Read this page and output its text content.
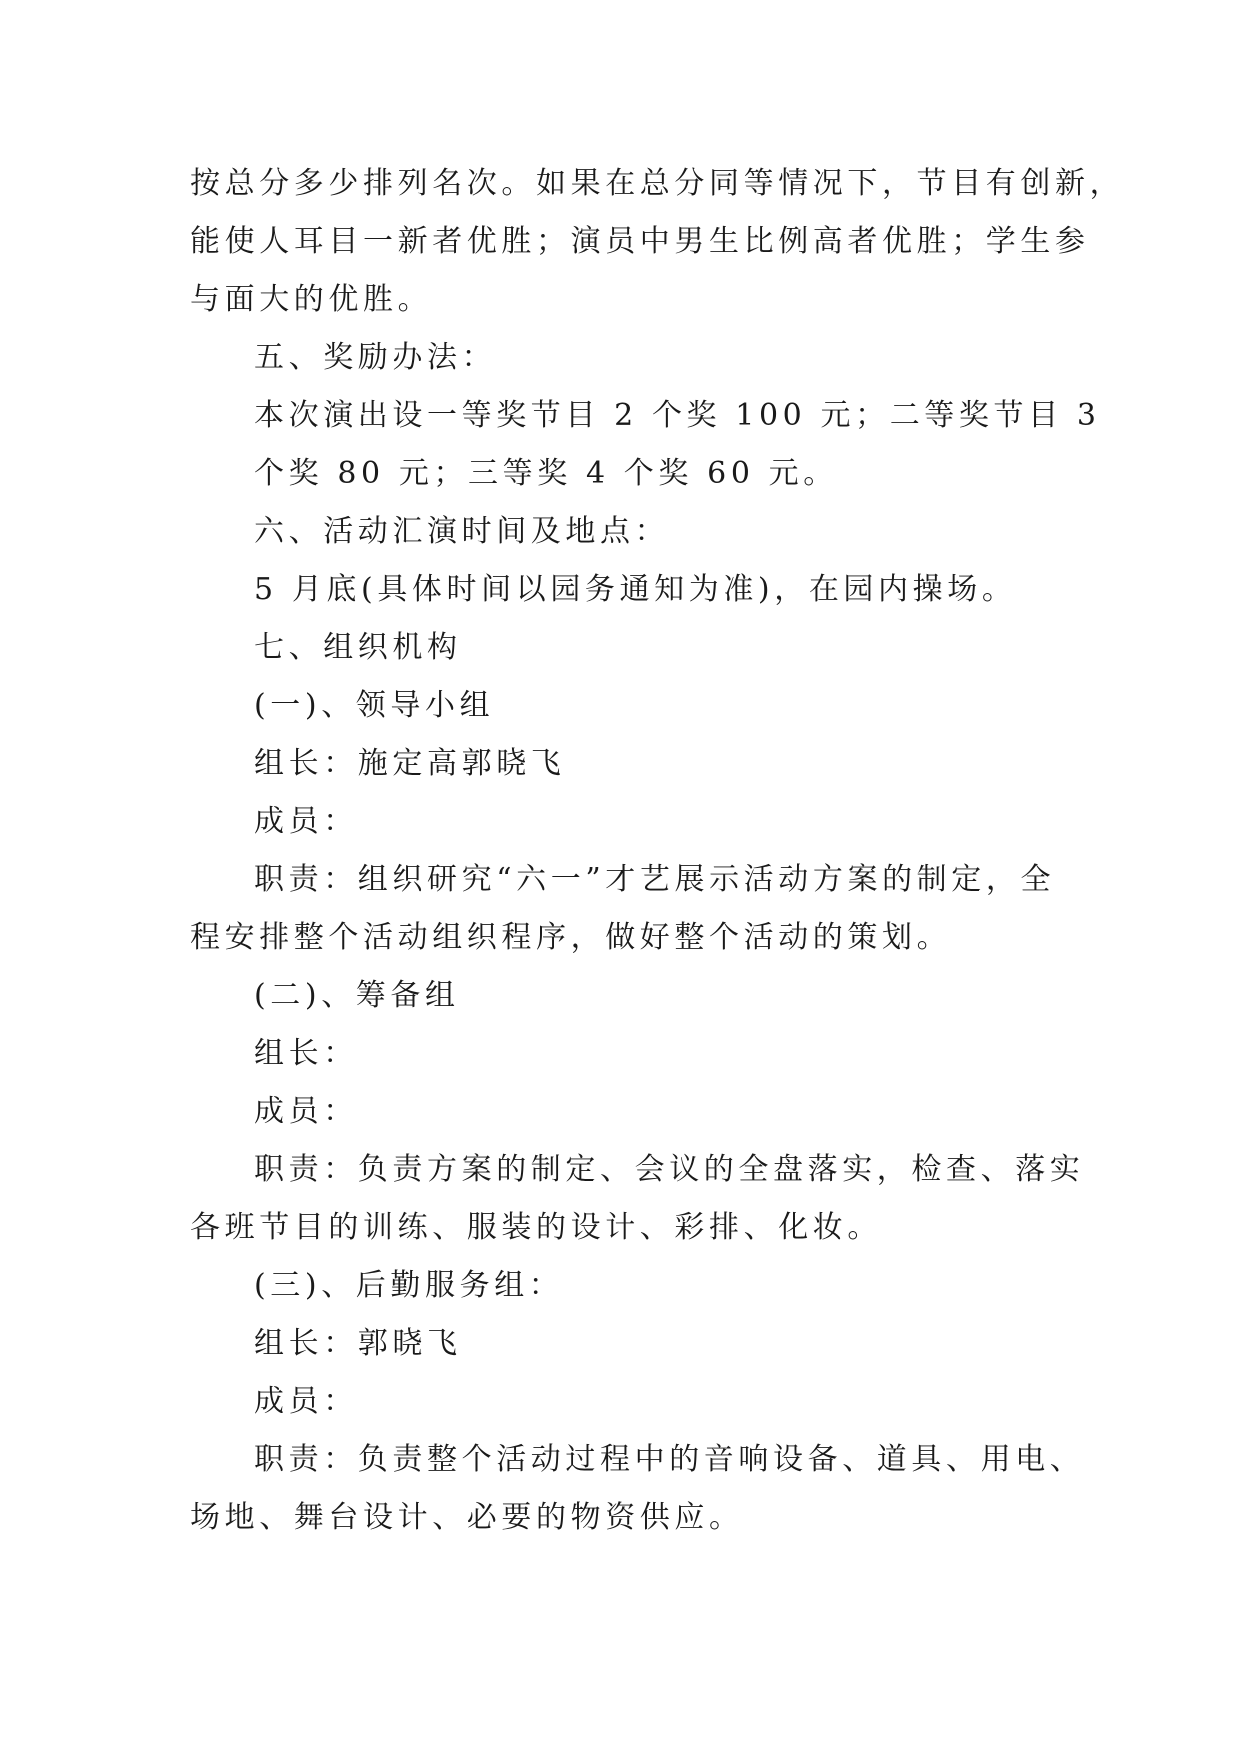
按总分多少排列名次。如果在总分同等情况下，节目有创新，
能使人耳目一新者优胜；演员中男生比例高者优胜；学生参
与面大的优胜。
五、奖励办法：
本次演出设一等奖节目 2 个奖 100 元；二等奖节目 3
个奖 80 元；三等奖 4 个奖 60 元。
六、活动汇演时间及地点：
5 月底(具体时间以园务通知为准)，在园内操场。
七、组织机构
(一)、领导小组
组长：施定高郭晓飞
成员：
职责：组织研究“六一”才艺展示活动方案的制定，全
程安排整个活动组织程序，做好整个活动的策划。
(二)、筹备组
组长：
成员：
职责：负责方案的制定、会议的全盘落实，检查、落实
各班节目的训练、服装的设计、彩排、化妆。
(三)、后勤服务组：
组长：郭晓飞
成员：
职责：负责整个活动过程中的音响设备、道具、用电、
场地、舞台设计、必要的物资供应。
